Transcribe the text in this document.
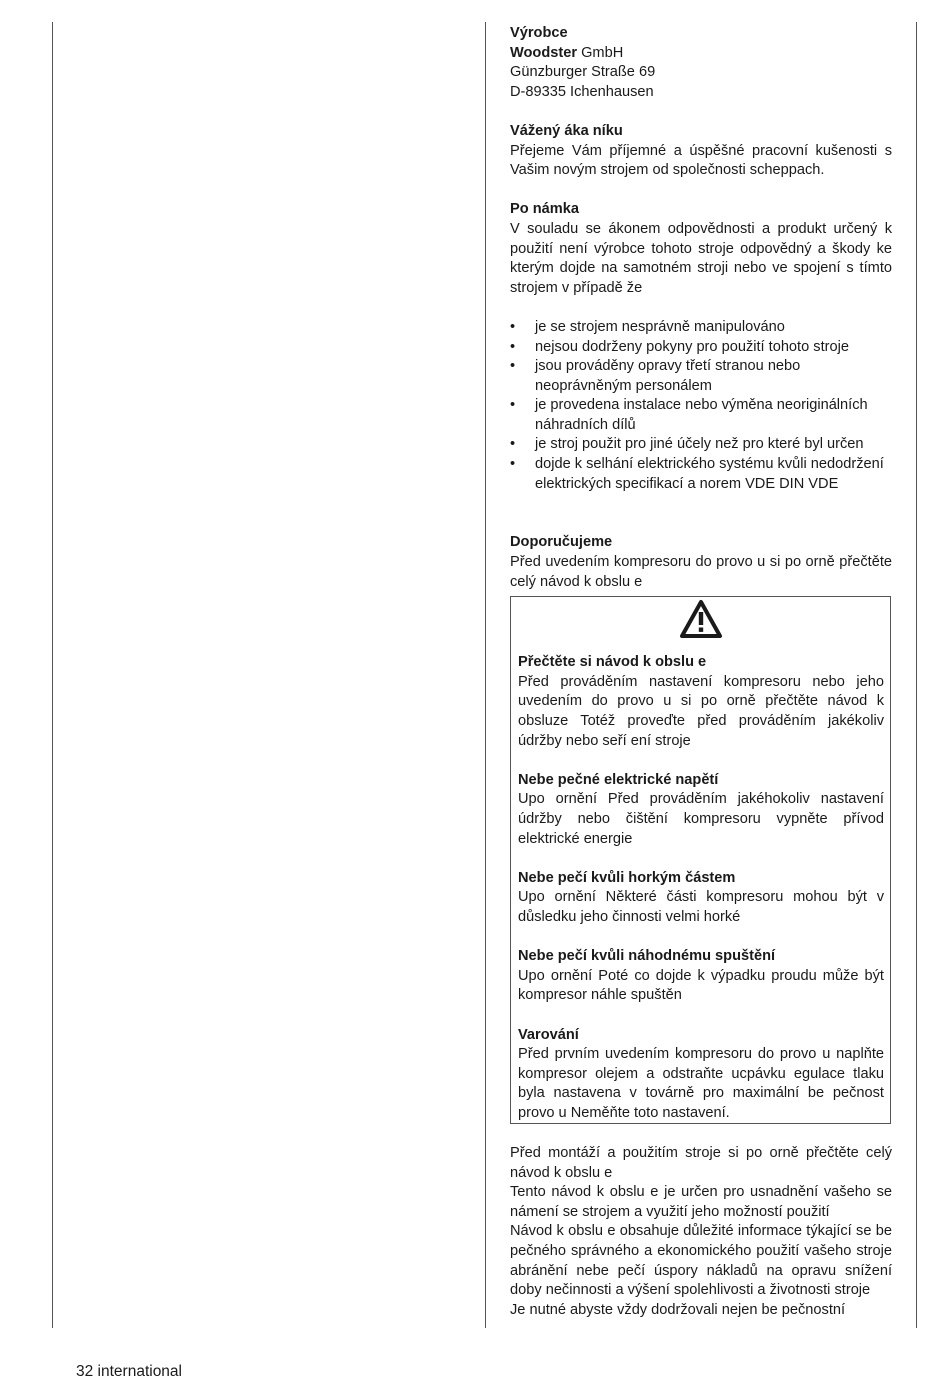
Výrobce

Woodster GmbH

Günzburger Straße 69

D-89335 Ichenhausen

Vážený áka níku

Přejeme Vám příjemné a úspěšné pracovní kušenosti s Vašim novým strojem od společnosti scheppach.

Po námka

V souladu se ákonem odpovědnosti a produkt určený k použití není výrobce tohoto stroje odpovědný a škody ke kterým dojde na samotném stroji nebo ve spojení s tímto strojem v případě že

• je se strojem nesprávně manipulováno
• nejsou dodrženy pokyny pro použití tohoto stroje
• jsou prováděny opravy třetí stranou nebo neoprávněným personálem
• je provedena instalace nebo výměna neoriginálních náhradních dílů
• je stroj použit pro jiné účely než pro které byl určen
• dojde k selhání elektrického systému kvůli nedodržení elektrických specifikací a norem VDE DIN VDE

Doporučujeme

Před uvedením kompresoru do provo u si po orně přečtěte celý návod k obslu e

Přečtěte si návod k obslu e

Před prováděním nastavení kompresoru nebo jeho uvedením do provo u si po orně přečtěte návod k obsluze Totéž proveďte před prováděním jakékoliv údržby nebo seří ení stroje

Nebe pečné elektrické napětí

Upo ornění Před prováděním jakéhokoliv nastavení údržby nebo čištění kompresoru vypněte přívod elektrické energie

Nebe pečí kvůli horkým částem

Upo ornění Některé části kompresoru mohou být v důsledku jeho činnosti velmi horké

Nebe pečí kvůli náhodnému spuštění

Upo ornění Poté co dojde k výpadku proudu může být kompresor náhle spuštěn

Varování

Před prvním uvedením kompresoru do provo u naplňte kompresor olejem a odstraňte ucpávku egulace tlaku byla nastavena v továrně pro maximální be pečnost provo u Neměňte toto nastavení.

Před montáží a použitím stroje si po orně přečtěte celý návod k obslu e

Tento návod k obslu e je určen pro usnadnění vašeho se námení se strojem a využití jeho možností použití

Návod k obslu e obsahuje důležité informace týkající se be pečného správného a ekonomického použití vašeho stroje abránění nebe pečí úspory nákladů na opravu snížení doby nečinnosti a výšení spolehlivosti a životnosti stroje

Je nutné abyste vždy dodržovali nejen be pečnostní

32 international
